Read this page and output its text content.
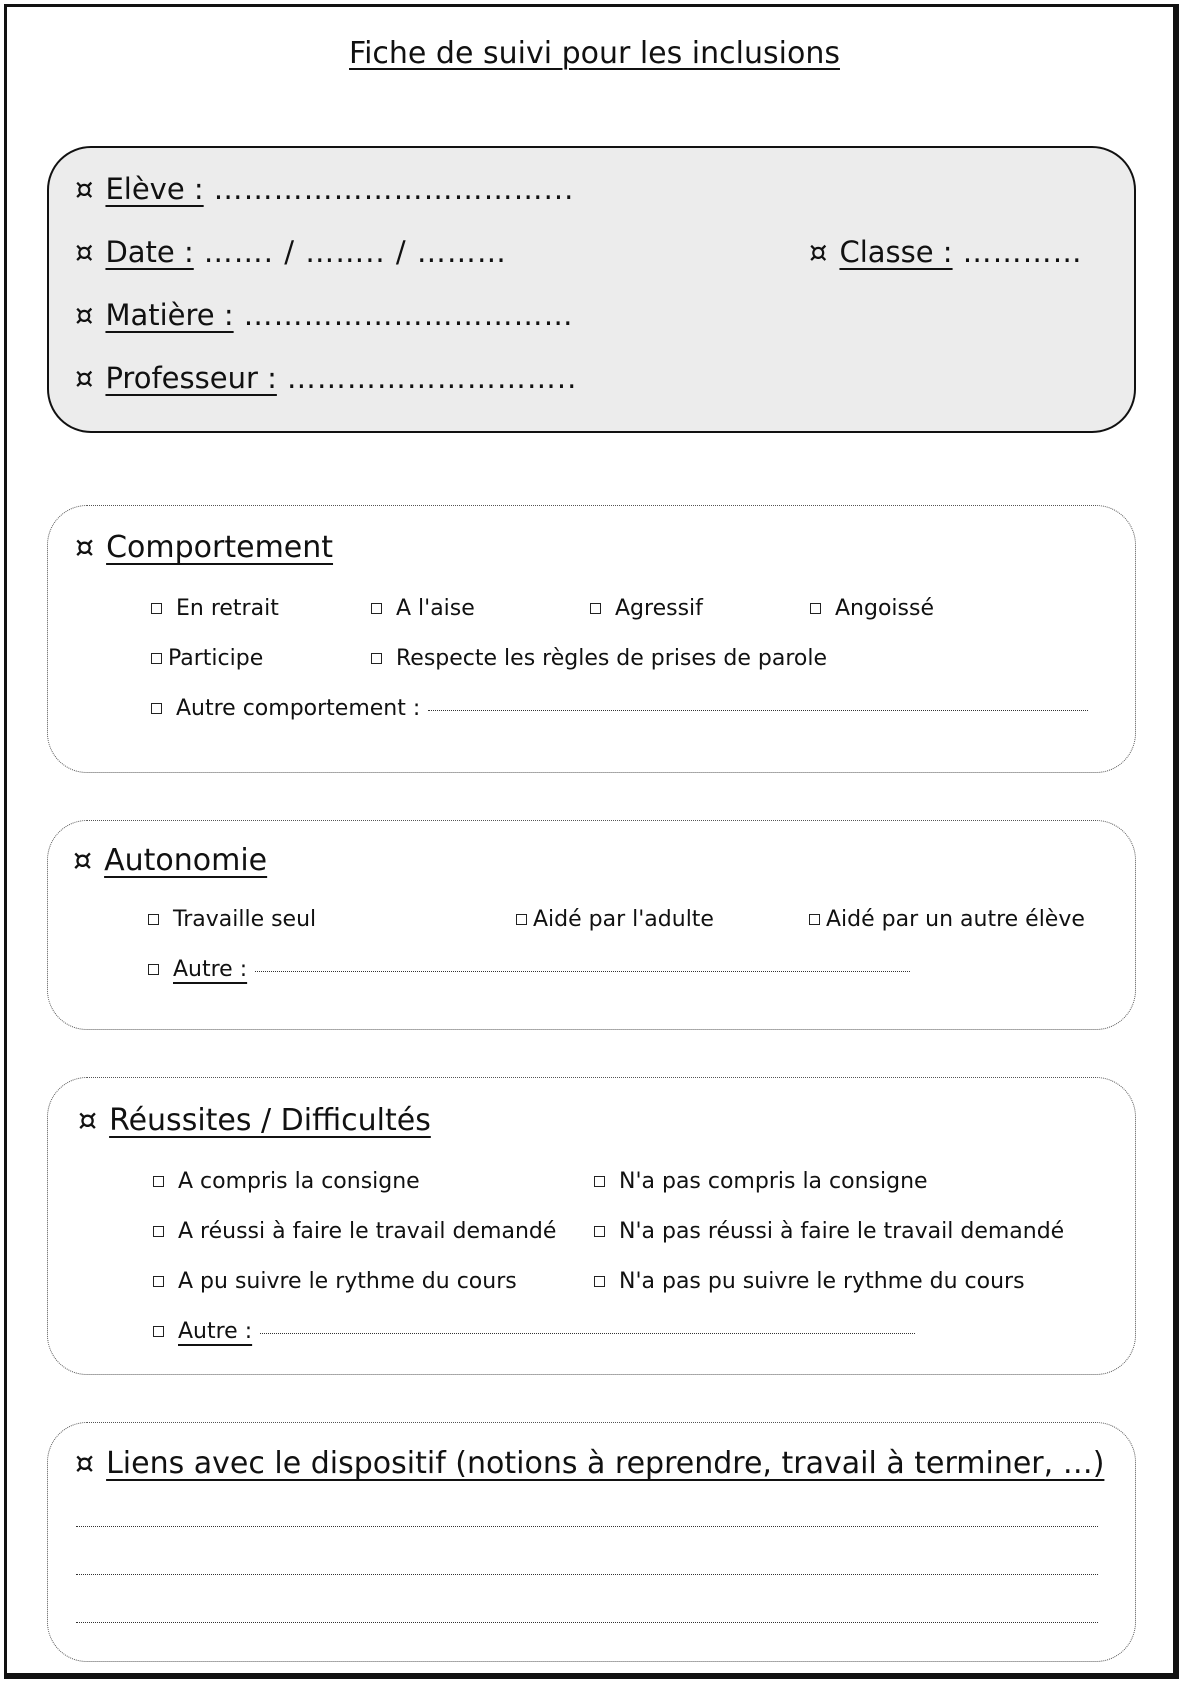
Fiche de suivi pour les inclusions
¤ Elève : ……………………………...
¤ Date : ……. / …….. / ………	¤ Classe : …………
¤ Matière : ……………………………
¤ Professeur : ………………………..
¤ Comportement
En retrait	A l'aise	Agressif	Angoissé
Participe	Respecte les règles de prises de parole
Autre comportement :
¤ Autonomie
Travaille seul	Aidé par l'adulte	Aidé par un autre élève
Autre :
¤ Réussites / Difficultés
A compris la consigne	N'a pas compris la consigne
A réussi à faire le travail demandé	N'a pas réussi à faire le travail demandé
A pu suivre le rythme du cours	N'a pas pu suivre le rythme du cours
Autre :
¤ Liens avec le dispositif (notions à reprendre, travail à terminer, …)
